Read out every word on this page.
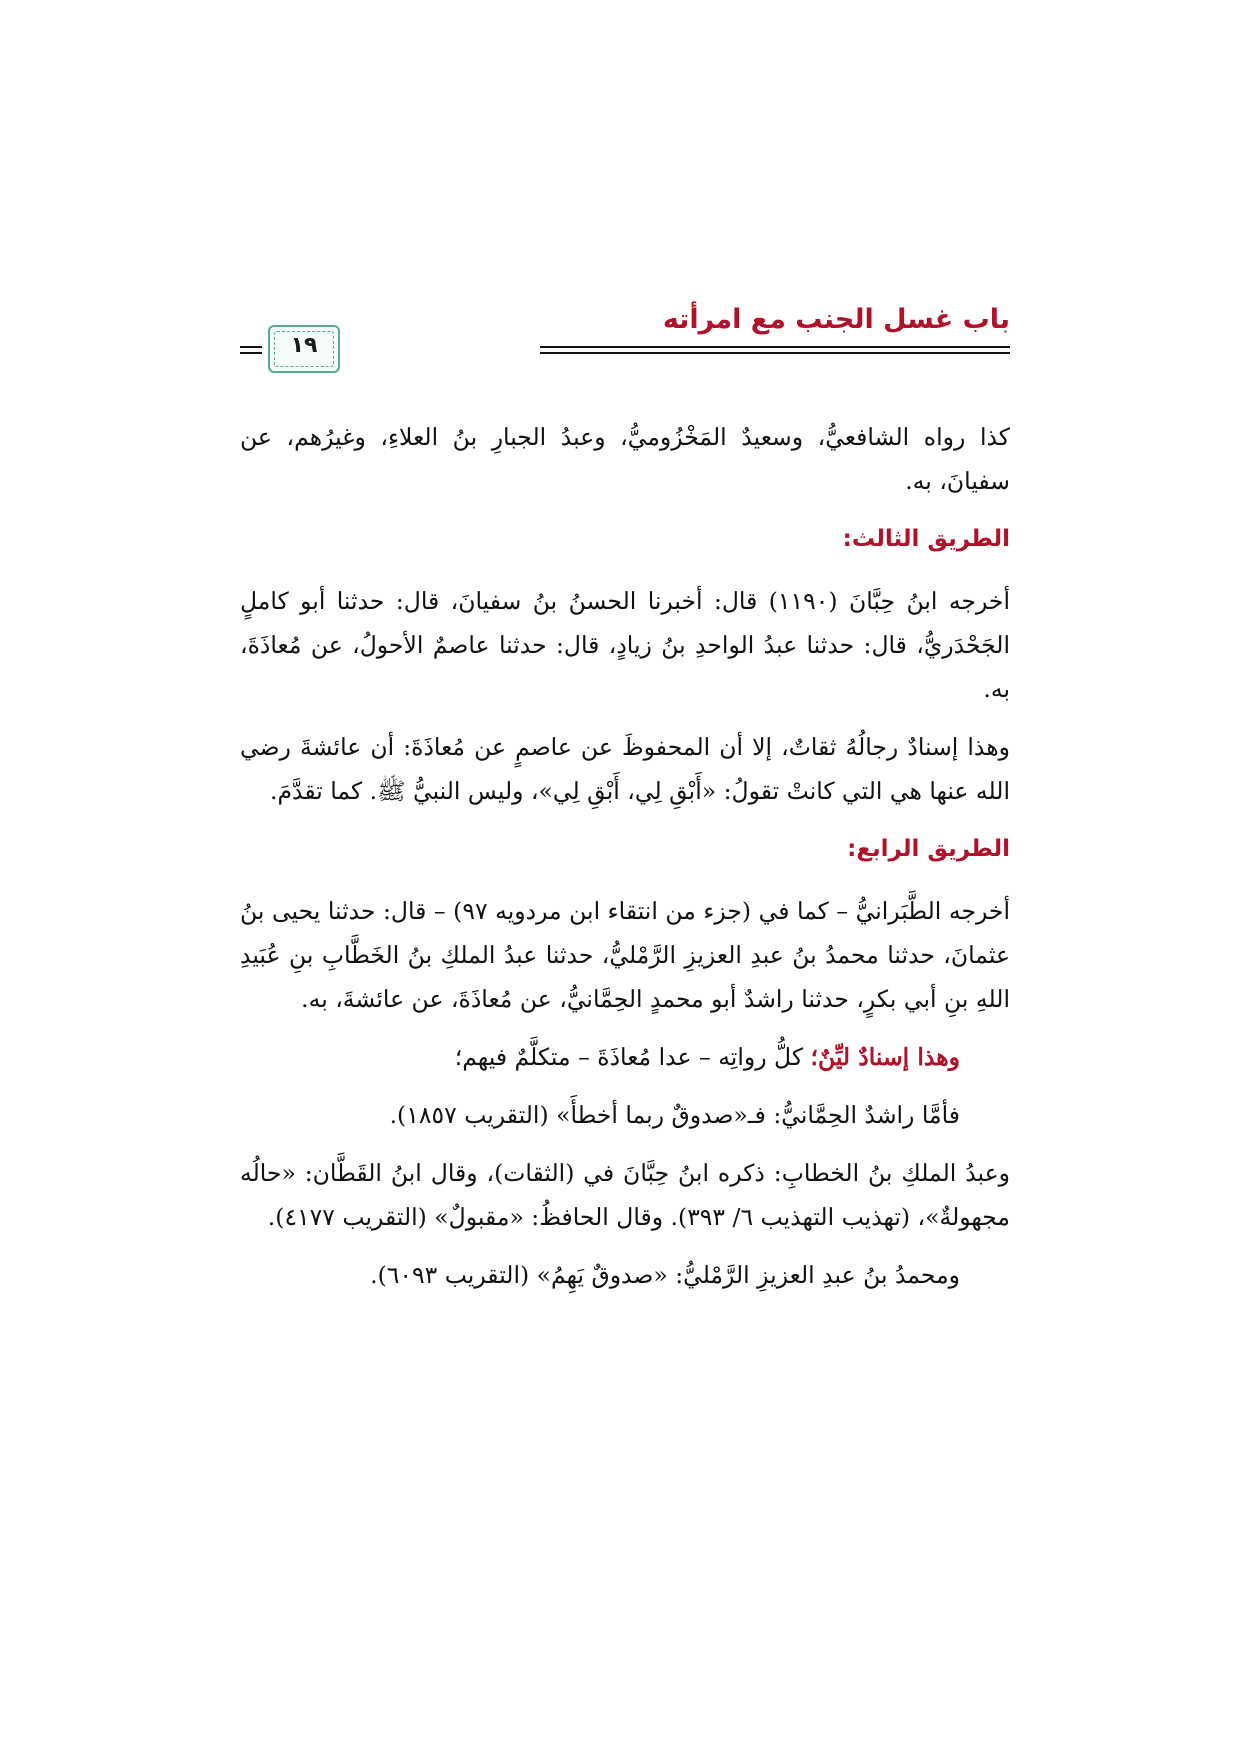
باب غسل الجنب مع امرأته
١٩

كذا رواه الشافعيُّ، وسعيدٌ المَخْزُوميُّ، وعبدُ الجبارِ بنُ العلاءِ، وغيرُهم، عن سفيانَ، به.

الطريق الثالث:

أخرجه ابنُ حِبَّانَ (١١٩٠) قال: أخبرنا الحسنُ بنُ سفيانَ، قال: حدثنا أبو كاملٍ الجَحْدَريُّ، قال: حدثنا عبدُ الواحدِ بنُ زيادٍ، قال: حدثنا عاصمٌ الأحولُ، عن مُعاذَةَ، به.

وهذا إسنادٌ رجالُهُ ثقاتٌ، إلا أن المحفوظَ عن عاصمٍ عن مُعاذَةَ: أن عائشةَ رضي الله عنها هي التي كانتْ تقولُ: «أَبْقِ لِي، أَبْقِ لِي»، وليس النبيُّ ﷺ. كما تقدَّمَ.

الطريق الرابع:

أخرجه الطَّبَرانيُّ – كما في (جزء من انتقاء ابن مردويه ٩٧) – قال: حدثنا يحيى بنُ عثمانَ، حدثنا محمدُ بنُ عبدِ العزيزِ الرَّمْليُّ، حدثنا عبدُ الملكِ بنُ الخَطَّابِ بنِ عُبَيدِ اللهِ بنِ أبي بكرٍ، حدثنا راشدٌ أبو محمدٍ الحِمَّانيُّ، عن مُعاذَةَ، عن عائشةَ، به.

وهذا إسنادٌ ليِّنٌ؛ كلُّ رواتِه – عدا مُعاذَةَ – متكلَّمٌ فيهم؛

فأمَّا راشدٌ الحِمَّانيُّ: فـ«صدوقٌ ربما أخطأَ» (التقريب ١٨٥٧).

وعبدُ الملكِ بنُ الخطابِ: ذكره ابنُ حِبَّانَ في (الثقات)، وقال ابنُ القَطَّان: «حالُه مجهولةٌ»، (تهذيب التهذيب ٦/ ٣٩٣). وقال الحافظُ: «مقبولٌ» (التقريب ٤١٧٧).

ومحمدُ بنُ عبدِ العزيزِ الرَّمْليُّ: «صدوقٌ يَهِمُ» (التقريب ٦٠٩٣).
